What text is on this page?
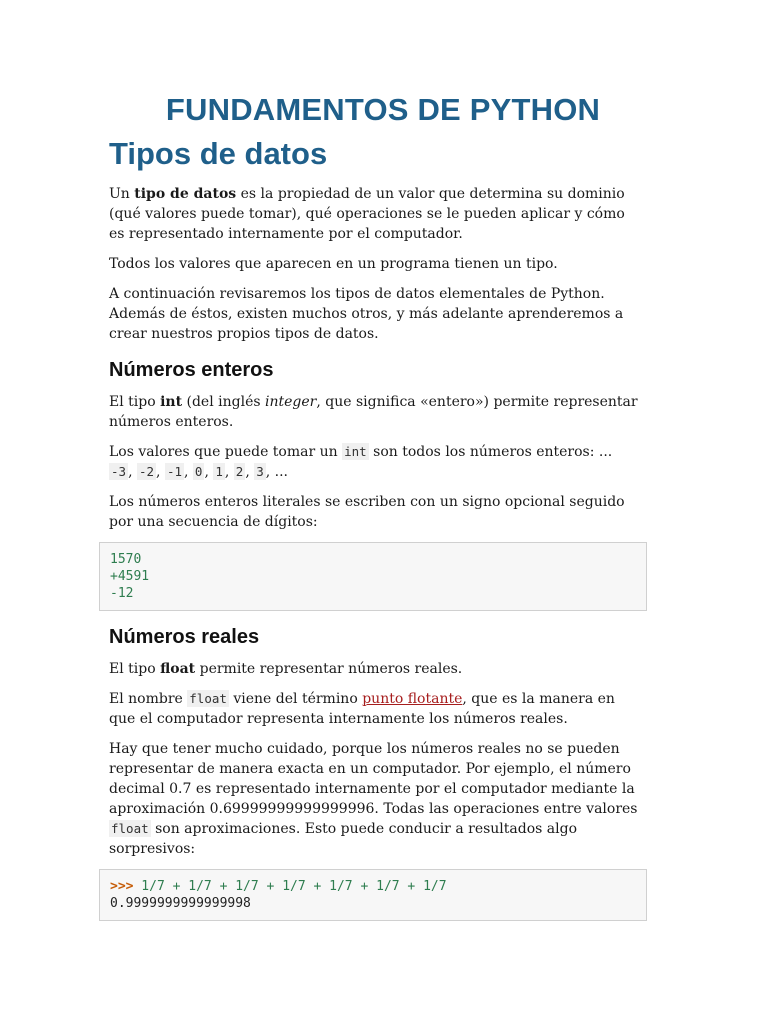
FUNDAMENTOS DE PYTHON
Tipos de datos

Un tipo de datos es la propiedad de un valor que determina su dominio (qué valores puede tomar), qué operaciones se le pueden aplicar y cómo es representado internamente por el computador.

Todos los valores que aparecen en un programa tienen un tipo.

A continuación revisaremos los tipos de datos elementales de Python. Además de éstos, existen muchos otros, y más adelante aprenderemos a crear nuestros propios tipos de datos.

Números enteros

El tipo int (del inglés integer, que significa «entero») permite representar números enteros.

Los valores que puede tomar un int son todos los números enteros: ... -3 , -2 , -1 , 0 , 1 , 2 , 3 , ...

Los números enteros literales se escriben con un signo opcional seguido por una secuencia de dígitos:

1570
+4591
-12
Números reales

El tipo float permite representar números reales.

El nombre float viene del término punto flotante, que es la manera en que el computador representa internamente los números reales.

Hay que tener mucho cuidado, porque los números reales no se pueden representar de manera exacta en un computador. Por ejemplo, el número decimal 0.7 es representado internamente por el computador mediante la aproximación 0.69999999999999996. Todas las operaciones entre valores float son aproximaciones. Esto puede conducir a resultados algo sorpresivos:

>>> 1/7 + 1/7 + 1/7 + 1/7 + 1/7 + 1/7 + 1/7
0.9999999999999998
